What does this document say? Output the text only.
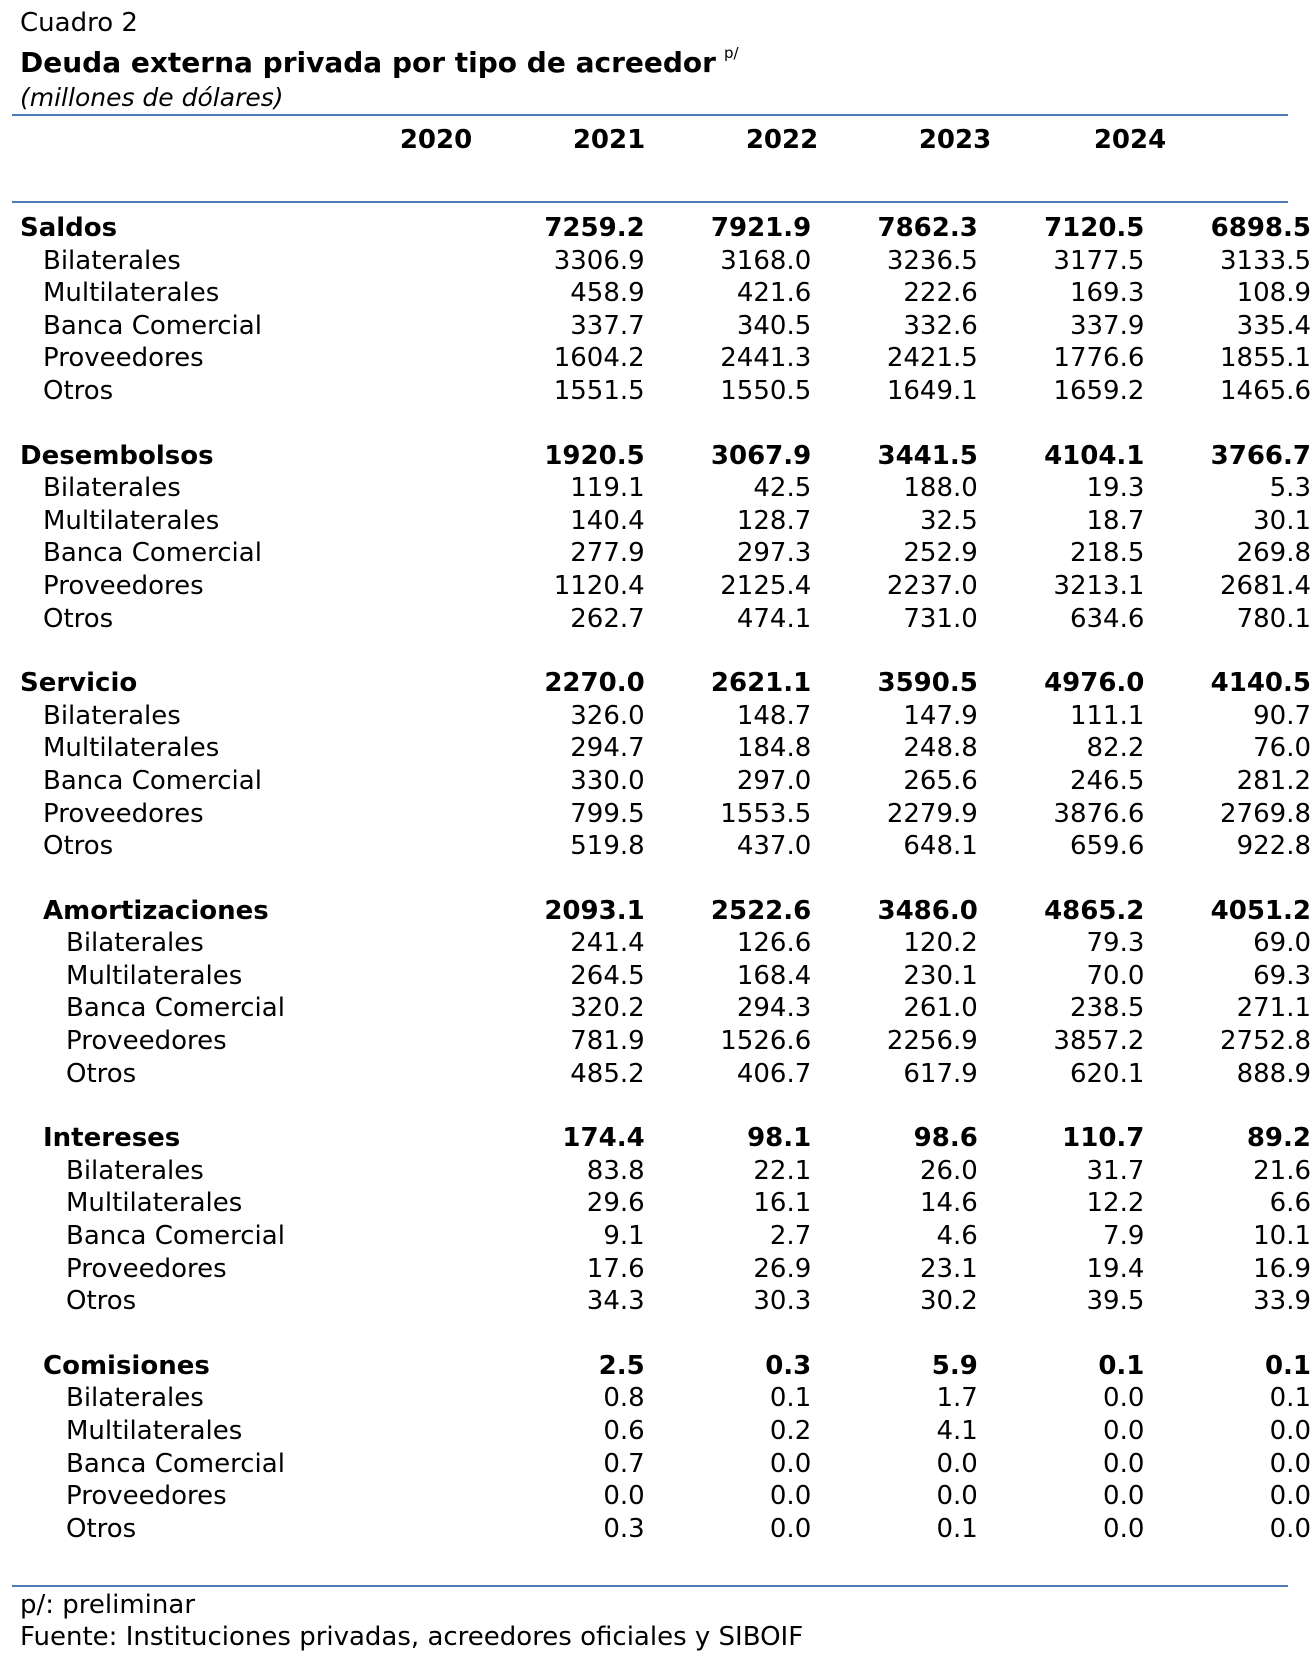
Cuadro 2
Deuda externa privada por tipo de acreedor $^{p/}$
(millones de dólares)
2020	2021	2022	2023	2024
Saldos	7259.2	7921.9	7862.3	7120.5	6898.5
Bilaterales	3306.9	3168.0	3236.5	3177.5	3133.5
Multilaterales	458.9	421.6	222.6	169.3	108.9
Banca Comercial	337.7	340.5	332.6	337.9	335.4
Proveedores	1604.2	2441.3	2421.5	1776.6	1855.1
Otros	1551.5	1550.5	1649.1	1659.2	1465.6

Desembolsos	1920.5	3067.9	3441.5	4104.1	3766.7
Bilaterales	119.1	42.5	188.0	19.3	5.3
Multilaterales	140.4	128.7	32.5	18.7	30.1
Banca Comercial	277.9	297.3	252.9	218.5	269.8
Proveedores	1120.4	2125.4	2237.0	3213.1	2681.4
Otros	262.7	474.1	731.0	634.6	780.1

Servicio	2270.0	2621.1	3590.5	4976.0	4140.5
Bilaterales	326.0	148.7	147.9	111.1	90.7
Multilaterales	294.7	184.8	248.8	82.2	76.0
Banca Comercial	330.0	297.0	265.6	246.5	281.2
Proveedores	799.5	1553.5	2279.9	3876.6	2769.8
Otros	519.8	437.0	648.1	659.6	922.8

Amortizaciones	2093.1	2522.6	3486.0	4865.2	4051.2
Bilaterales	241.4	126.6	120.2	79.3	69.0
Multilaterales	264.5	168.4	230.1	70.0	69.3
Banca Comercial	320.2	294.3	261.0	238.5	271.1
Proveedores	781.9	1526.6	2256.9	3857.2	2752.8
Otros	485.2	406.7	617.9	620.1	888.9

Intereses	174.4	98.1	98.6	110.7	89.2
Bilaterales	83.8	22.1	26.0	31.7	21.6
Multilaterales	29.6	16.1	14.6	12.2	6.6
Banca Comercial	9.1	2.7	4.6	7.9	10.1
Proveedores	17.6	26.9	23.1	19.4	16.9
Otros	34.3	30.3	30.2	39.5	33.9

Comisiones	2.5	0.3	5.9	0.1	0.1
Bilaterales	0.8	0.1	1.7	0.0	0.1
Multilaterales	0.6	0.2	4.1	0.0	0.0
Banca Comercial	0.7	0.0	0.0	0.0	0.0
Proveedores	0.0	0.0	0.0	0.0	0.0
Otros	0.3	0.0	0.1	0.0	0.0
p/: preliminar
Fuente: Instituciones privadas, acreedores oficiales y SIBOIF
